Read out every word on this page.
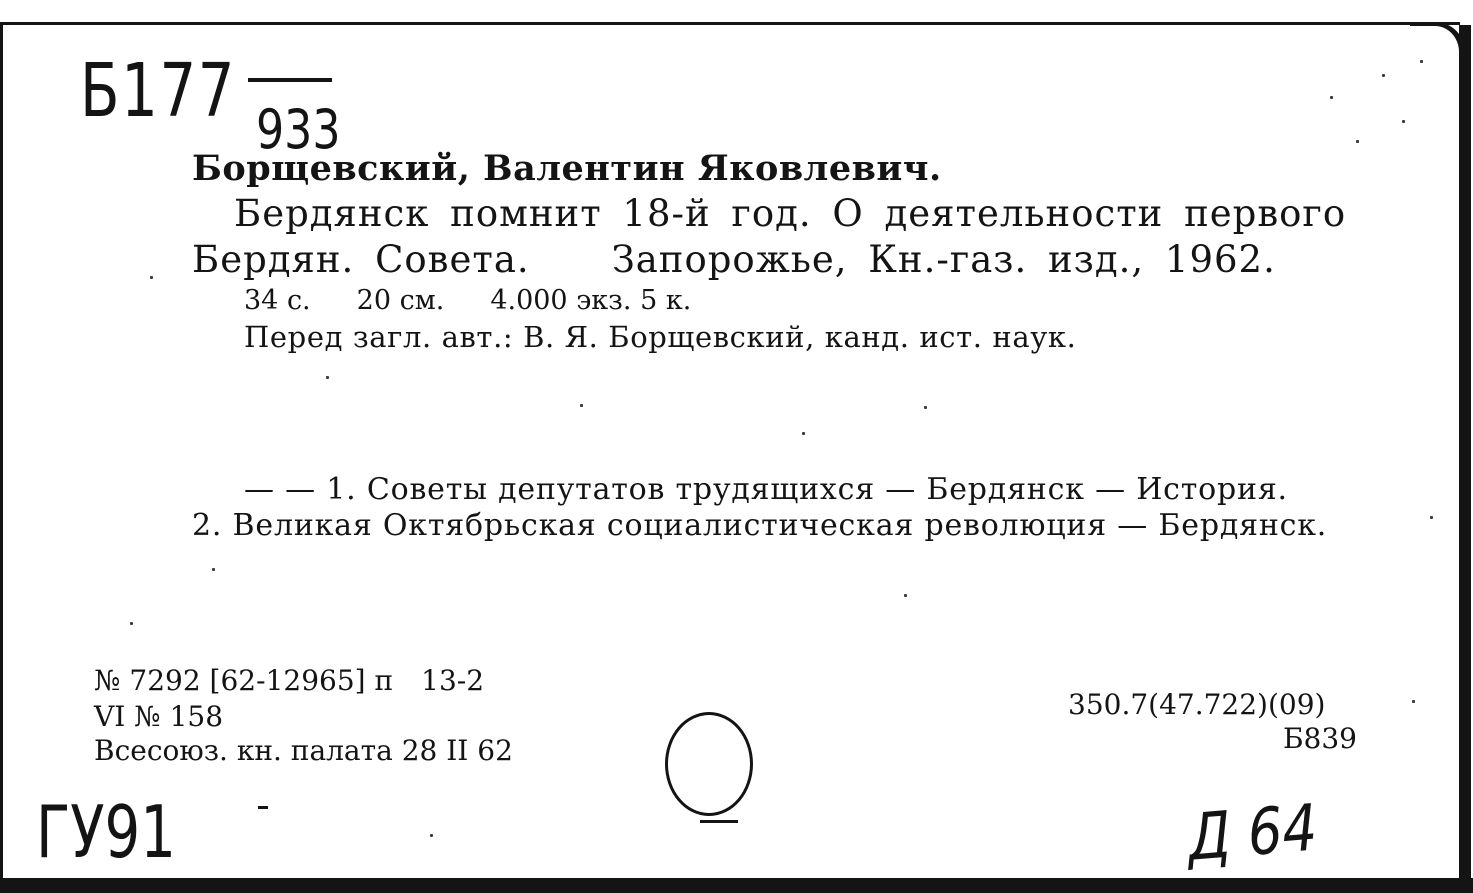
Б177 933
Борщевский, Валентин Яковлевич.
Бердянск помнит 18-й год. О деятельности первого
Бердян. Совета. Запорожье, Кн.-газ. изд., 1962.
34 с. 20 см. 4.000 экз. 5 к.
Перед загл. авт.: В. Я. Борщевский, канд. ист. наук.
— — 1. Советы депутатов трудящихся — Бердянск — История.
2. Великая Октябрьская социалистическая революция — Бердянск.
№ 7292 [62-12965] п 13-2
VI № 158
Всесоюз. кн. палата 28 II 62
350.7(47.722)(09)
Б839
ГУ91	Д 64
